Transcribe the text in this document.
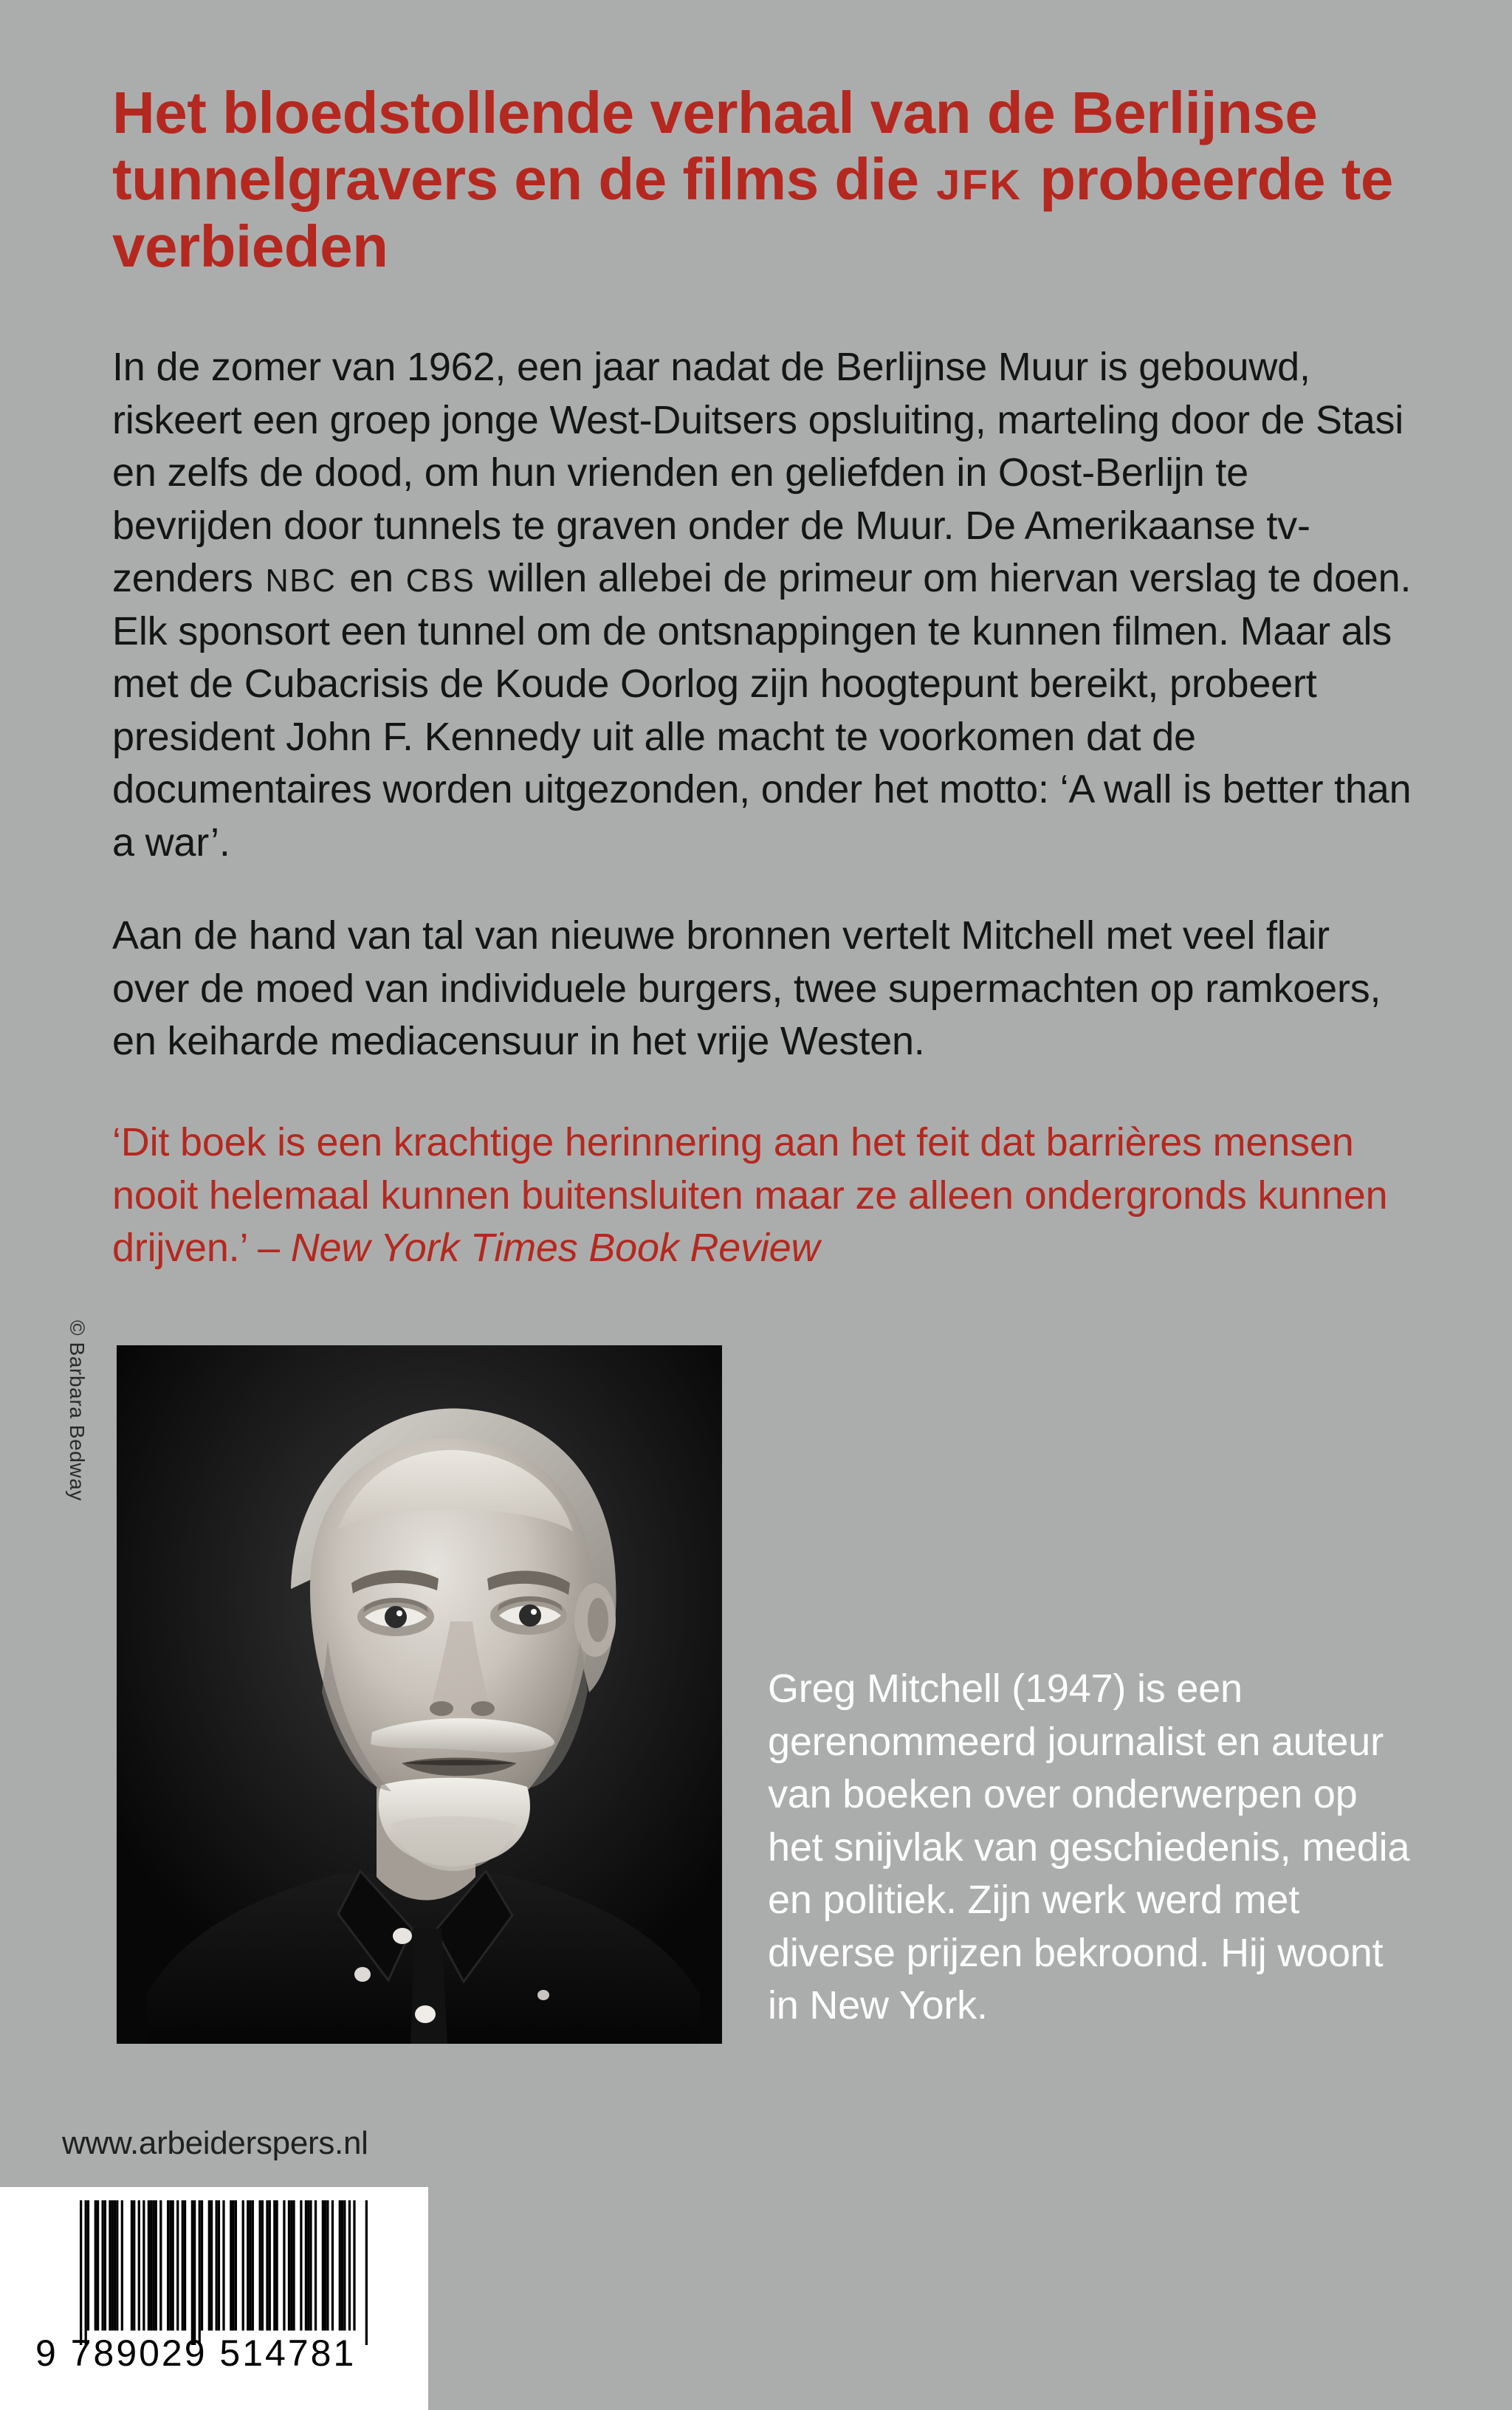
Het bloedstollende verhaal van de Berlijnse tunnelgravers en de films die JFK probeerde te verbieden
In de zomer van 1962, een jaar nadat de Berlijnse Muur is gebouwd, riskeert een groep jonge West-Duitsers opsluiting, marteling door de Stasi en zelfs de dood, om hun vrienden en geliefden in Oost-Berlijn te bevrijden door tunnels te graven onder de Muur. De Amerikaanse tv-zenders NBC en CBS willen allebei de primeur om hiervan verslag te doen. Elk sponsort een tunnel om de ontsnappingen te kunnen filmen. Maar als met de Cubacrisis de Koude Oorlog zijn hoogtepunt bereikt, probeert president John F. Kennedy uit alle macht te voorkomen dat de documentaires worden uitgezonden, onder het motto: ‘A wall is better than a war’.
Aan de hand van tal van nieuwe bronnen vertelt Mitchell met veel flair over de moed van individuele burgers, twee supermachten op ramkoers, en keiharde mediacensuur in het vrije Westen.
‘Dit boek is een krachtige herinnering aan het feit dat barrières mensen nooit helemaal kunnen buitensluiten maar ze alleen ondergronds kunnen drijven.’ – New York Times Book Review
© Barbara Bedway
Greg Mitchell (1947) is een gerenommeerd journalist en auteur van boeken over onderwerpen op het snijvlak van geschiedenis, media en politiek. Zijn werk werd met diverse prijzen bekroond. Hij woont in New York.
www.arbeiderspers.nl
9 789029 514781
